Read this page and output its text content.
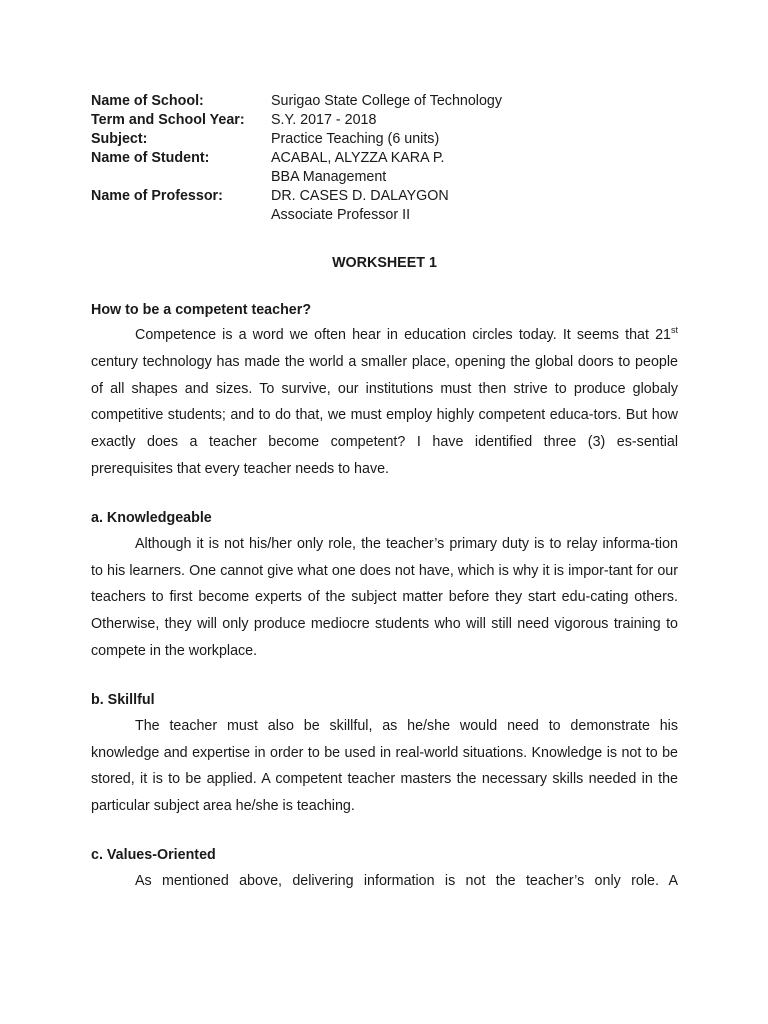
Name of School:	Surigao State College of Technology
Term and School Year:	S.Y. 2017 - 2018
Subject:	Practice Teaching (6 units)
Name of Student:	ACABAL, ALYZZA KARA P.
BBA Management
Name of Professor:	DR. CASES D. DALAYGON
Associate Professor II
WORKSHEET 1
How to be a competent teacher?

Competence is a word we often hear in education circles today. It seems that 21st century technology has made the world a smaller place, opening the global doors to people of all shapes and sizes. To survive, our institutions must then strive to produce globaly competitive students; and to do that, we must employ highly competent educa-tors. But how exactly does a teacher become competent? I have identified three (3) es-sential prerequisites that every teacher needs to have.

a. Knowledgeable

Although it is not his/her only role, the teacher’s primary duty is to relay informa-tion to his learners. One cannot give what one does not have, which is why it is impor-tant for our teachers to first become experts of the subject matter before they start edu-cating others. Otherwise, they will only produce mediocre students who will still need vigorous training to compete in the workplace.

b. Skillful

The teacher must also be skillful, as he/she would need to demonstrate his knowledge and expertise in order to be used in real-world situations. Knowledge is not to be stored, it is to be applied. A competent teacher masters the necessary skills needed in the particular subject area he/she is teaching.

c. Values-Oriented

As mentioned above, delivering information is not the teacher’s only role. A
